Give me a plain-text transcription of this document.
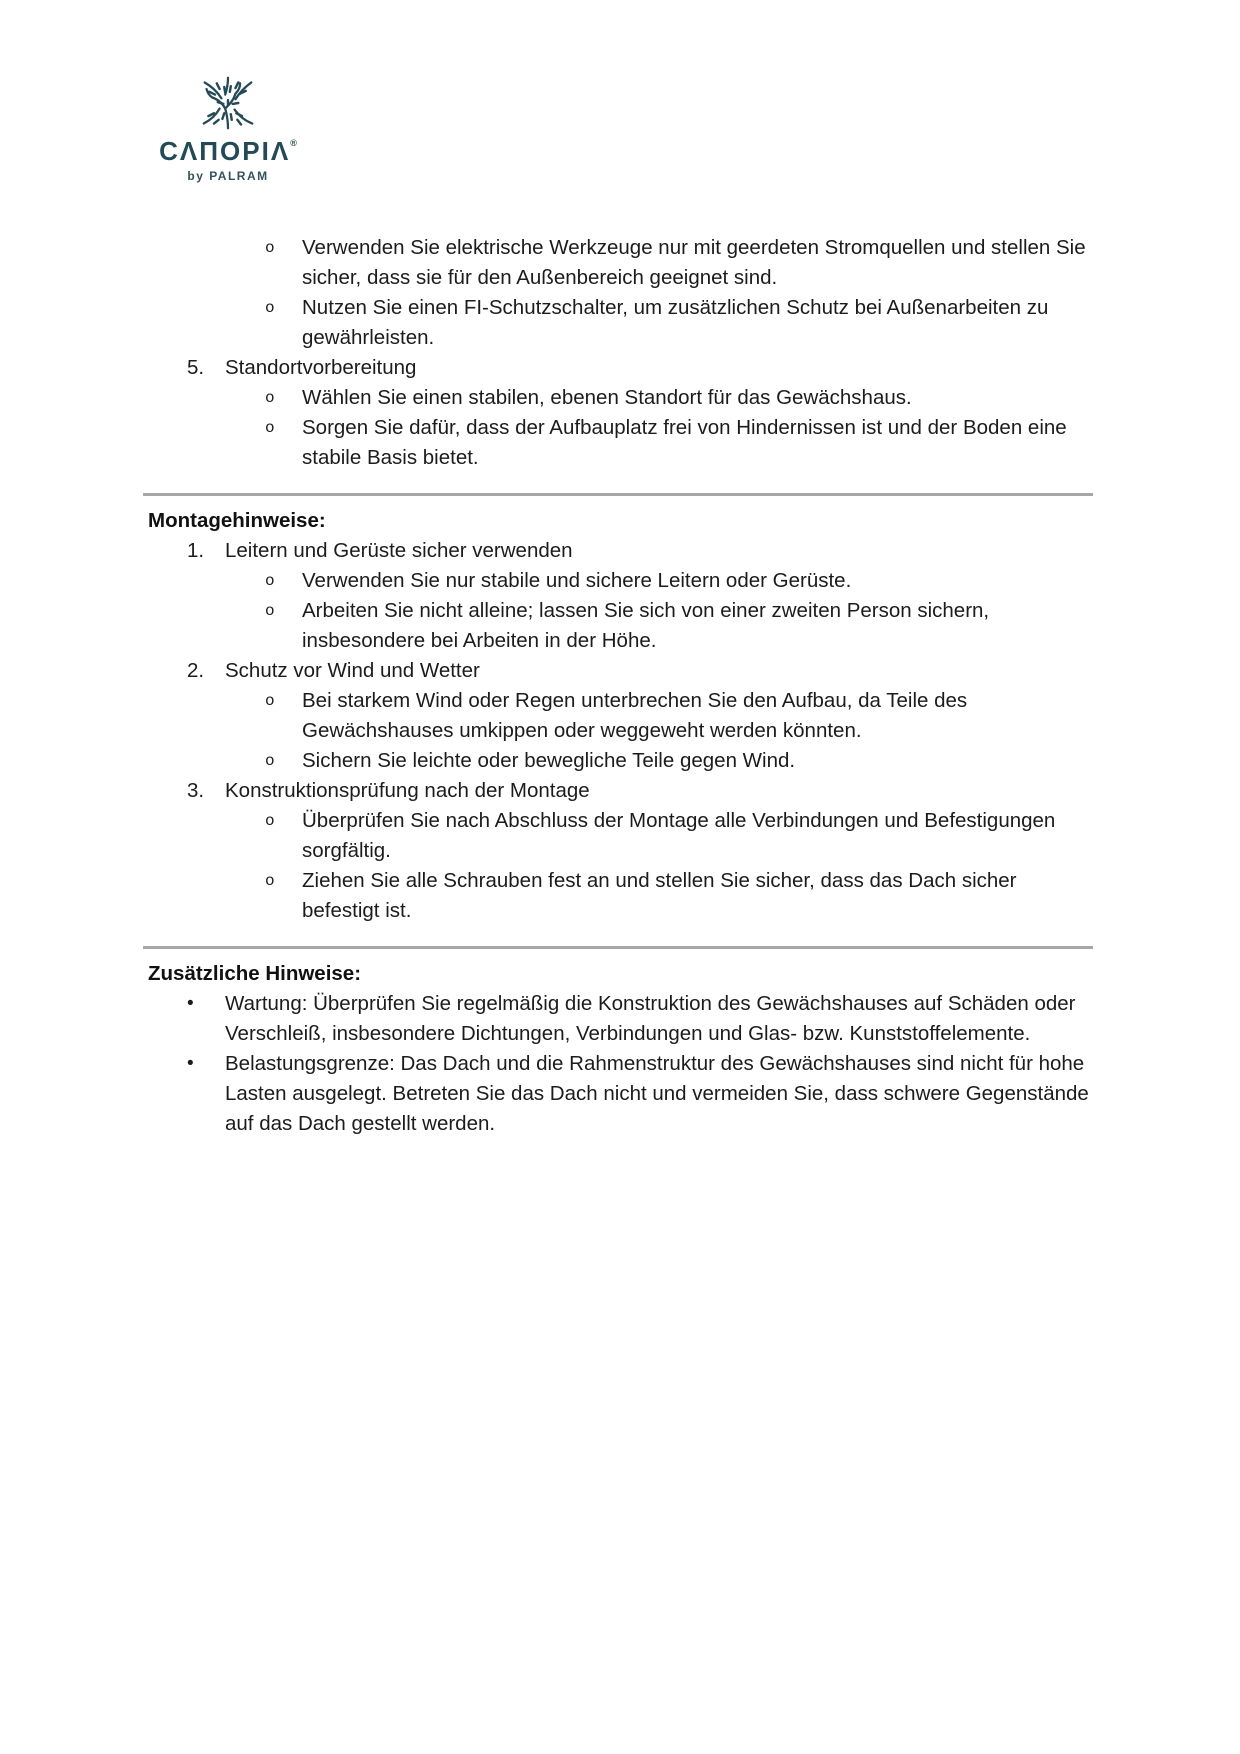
CΛΠOPIΛ®
by PALRAM
o	Verwenden Sie elektrische Werkzeuge nur mit geerdeten Stromquellen und stellen Sie sicher, dass sie für den Außenbereich geeignet sind.
o	Nutzen Sie einen FI-Schutzschalter, um zusätzlichen Schutz bei Außenarbeiten zu gewährleisten.
5.	Standortvorbereitung
o	Wählen Sie einen stabilen, ebenen Standort für das Gewächshaus.
o	Sorgen Sie dafür, dass der Aufbauplatz frei von Hindernissen ist und der Boden eine stabile Basis bietet.
Montagehinweise:
1.	Leitern und Gerüste sicher verwenden
o	Verwenden Sie nur stabile und sichere Leitern oder Gerüste.
o	Arbeiten Sie nicht alleine; lassen Sie sich von einer zweiten Person sichern, insbesondere bei Arbeiten in der Höhe.
2.	Schutz vor Wind und Wetter
o	Bei starkem Wind oder Regen unterbrechen Sie den Aufbau, da Teile des Gewächshauses umkippen oder weggeweht werden könnten.
o	Sichern Sie leichte oder bewegliche Teile gegen Wind.
3.	Konstruktionsprüfung nach der Montage
o	Überprüfen Sie nach Abschluss der Montage alle Verbindungen und Befestigungen sorgfältig.
o	Ziehen Sie alle Schrauben fest an und stellen Sie sicher, dass das Dach sicher befestigt ist.
Zusätzliche Hinweise:
•	Wartung: Überprüfen Sie regelmäßig die Konstruktion des Gewächshauses auf Schäden oder Verschleiß, insbesondere Dichtungen, Verbindungen und Glas- bzw. Kunststoffelemente.
•	Belastungsgrenze: Das Dach und die Rahmenstruktur des Gewächshauses sind nicht für hohe Lasten ausgelegt. Betreten Sie das Dach nicht und vermeiden Sie, dass schwere Gegenstände auf das Dach gestellt werden.
